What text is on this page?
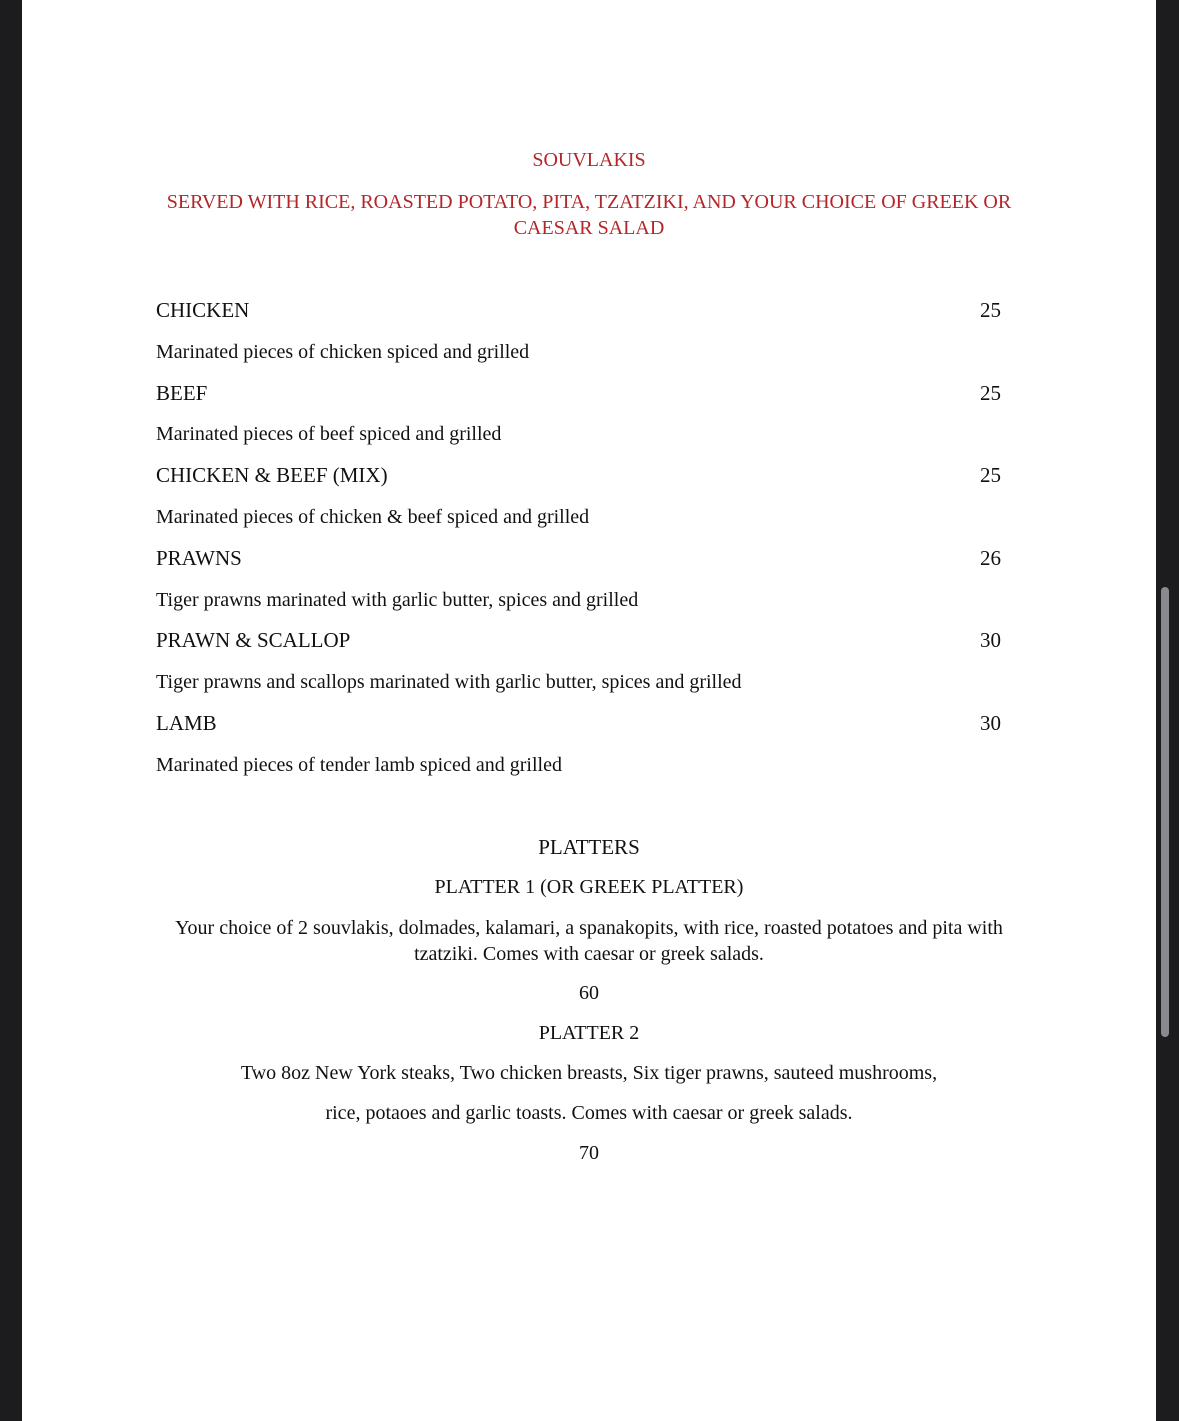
SOUVLAKIS
SERVED WITH RICE, ROASTED POTATO, PITA, TZATZIKI, AND YOUR CHOICE OF GREEK OR CAESAR SALAD
CHICKEN	25
Marinated pieces of chicken spiced and grilled
BEEF	25
Marinated pieces of beef spiced and grilled
CHICKEN & BEEF (MIX)	25
Marinated pieces of chicken & beef spiced and grilled
PRAWNS	26
Tiger prawns marinated with garlic butter, spices and grilled
PRAWN & SCALLOP	30
Tiger prawns and scallops marinated with garlic butter, spices and grilled
LAMB	30
Marinated pieces of tender lamb spiced and grilled
PLATTERS
PLATTER 1 (OR GREEK PLATTER)
Your choice of 2 souvlakis, dolmades, kalamari, a spanakopits, with rice, roasted potatoes and pita with tzatziki. Comes with caesar or greek salads.
60
PLATTER 2
Two 8oz New York steaks, Two chicken breasts, Six tiger prawns, sauteed mushrooms,
rice, potaoes and garlic toasts. Comes with caesar or greek salads.
70
